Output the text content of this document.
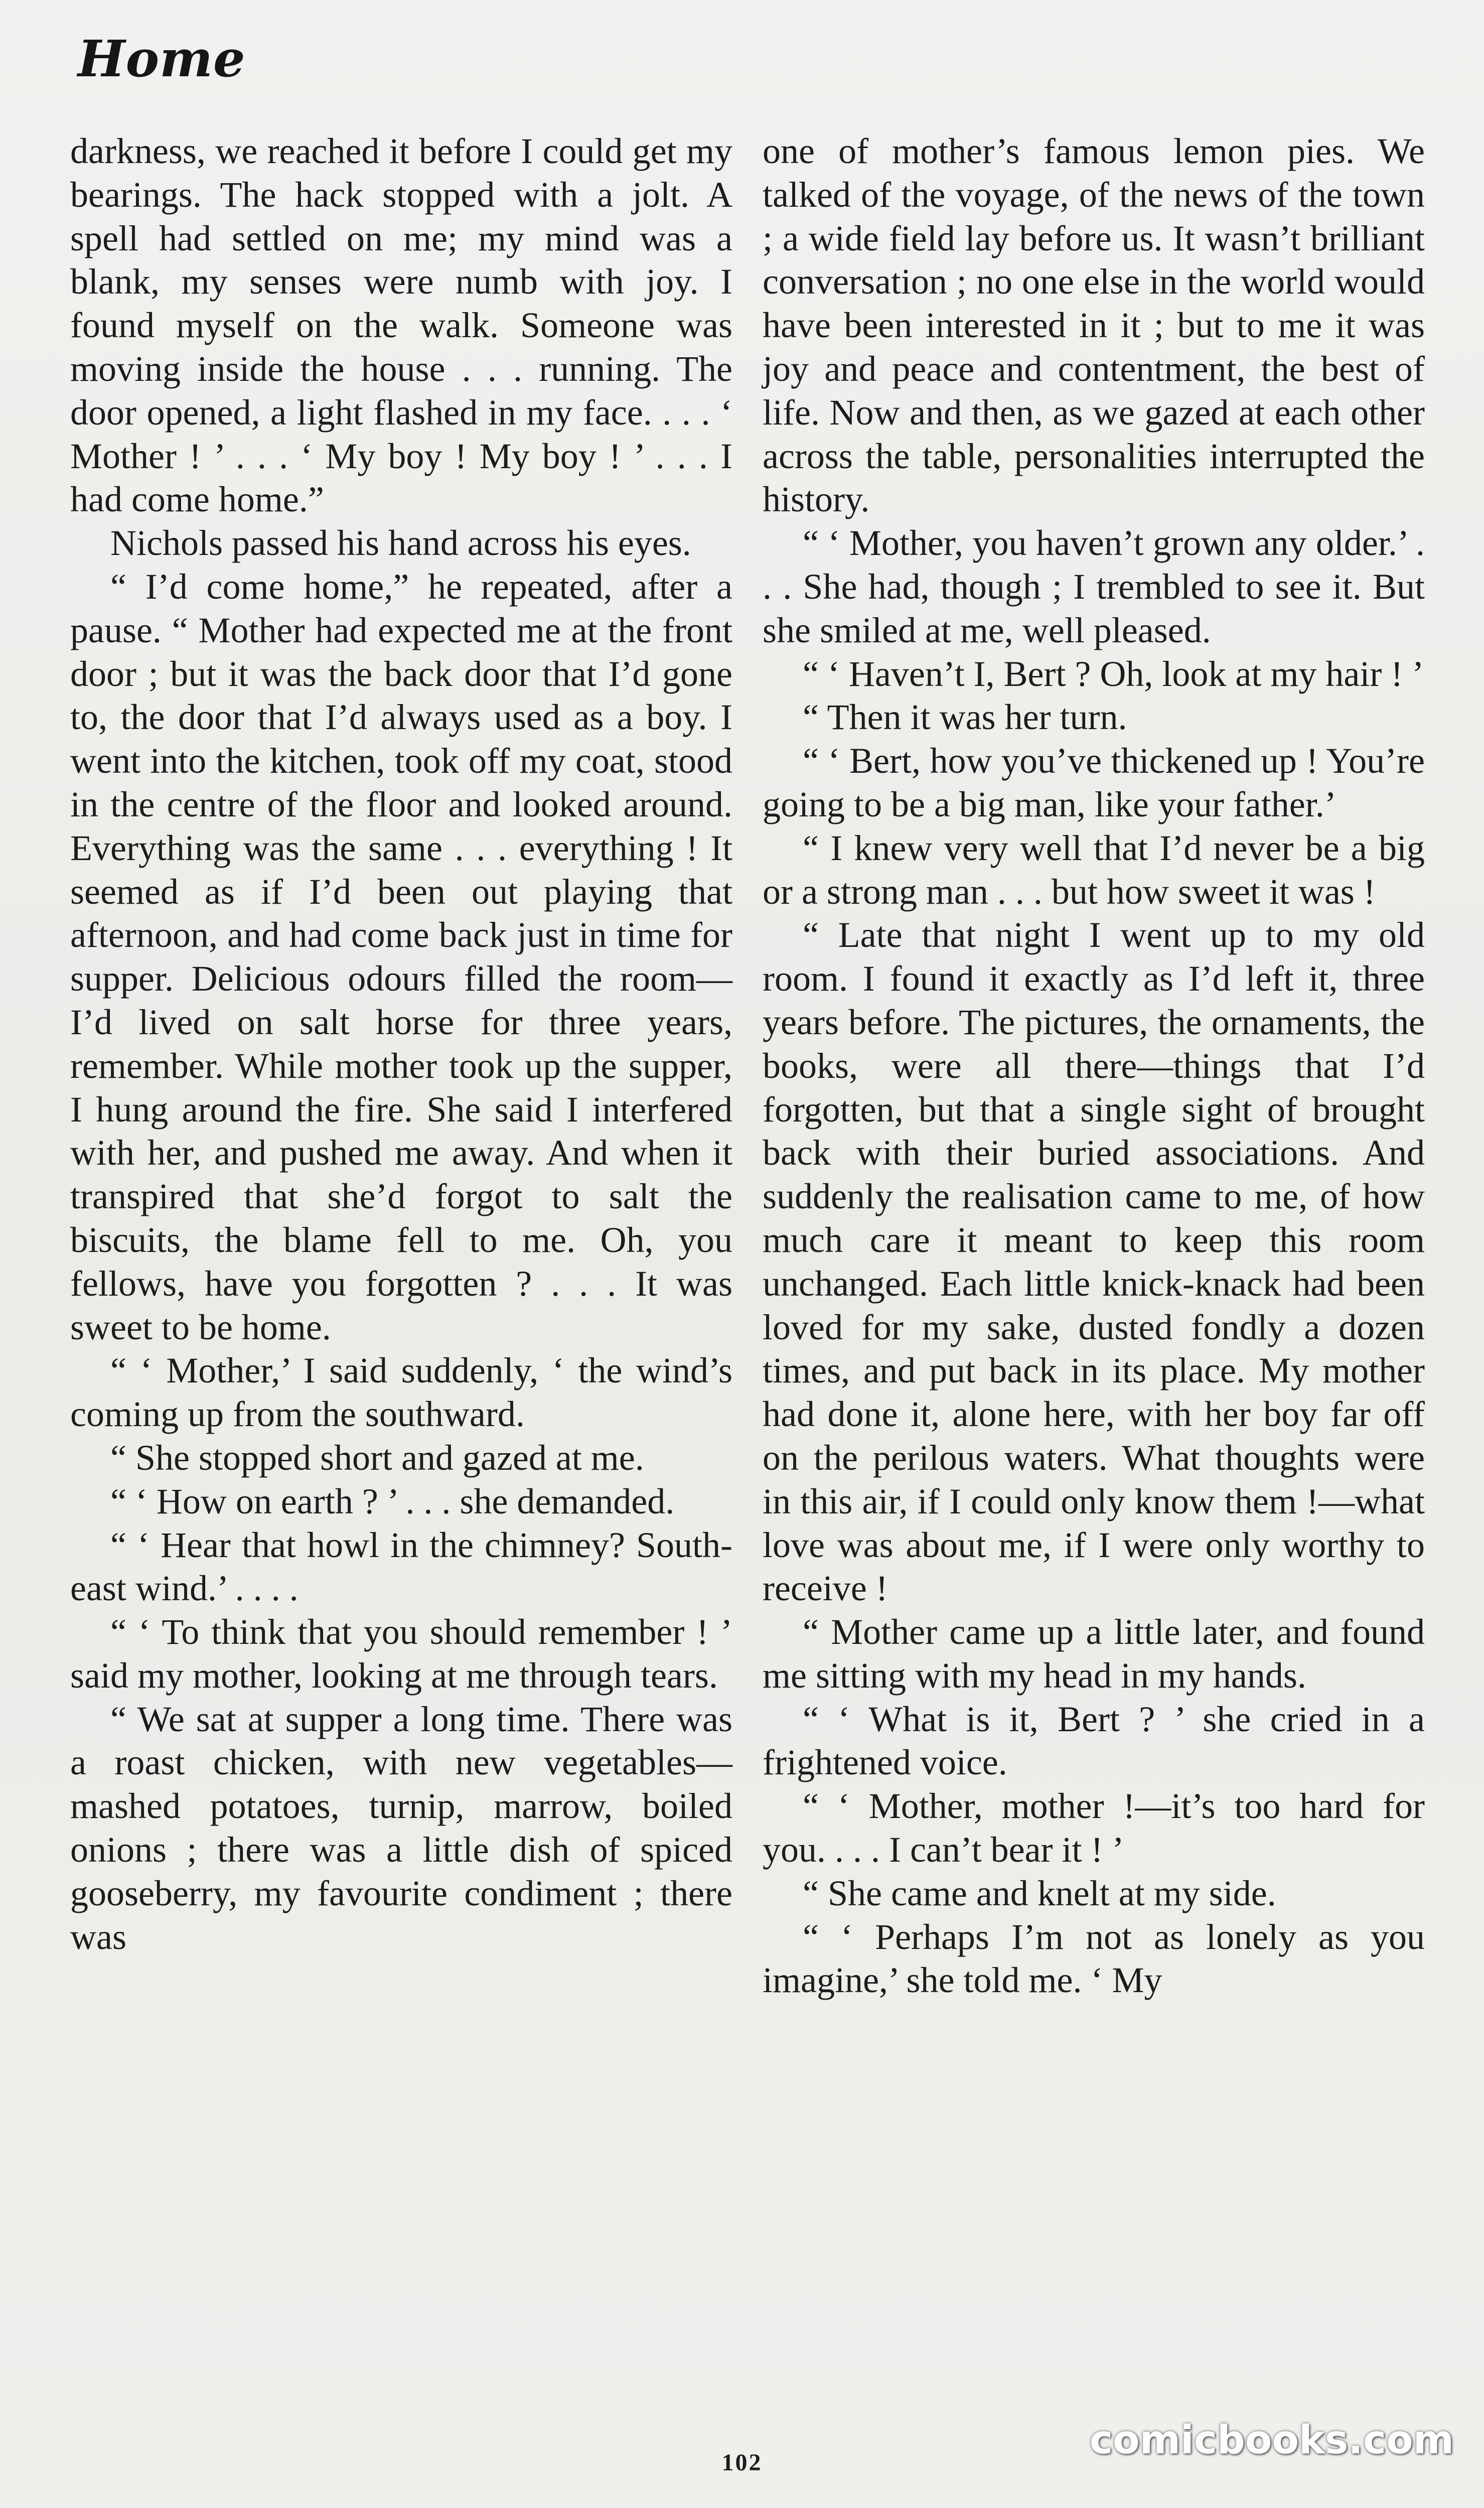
Home

darkness, we reached it before I could get my bearings. The hack stopped with a jolt. A spell had settled on me; my mind was a blank, my senses were numb with joy. I found myself on the walk. Someone was moving inside the house . . . running. The door opened, a light flashed in my face. . . . ‘ Mother ! ’ . . . ‘ My boy ! My boy ! ’ . . . I had come home.”

Nichols passed his hand across his eyes.

“ I’d come home,” he repeated, after a pause. “ Mother had expected me at the front door ; but it was the back door that I’d gone to, the door that I’d always used as a boy. I went into the kitchen, took off my coat, stood in the centre of the floor and looked around. Everything was the same . . . everything ! It seemed as if I’d been out playing that afternoon, and had come back just in time for supper. Delicious odours filled the room— I’d lived on salt horse for three years, remember. While mother took up the supper, I hung around the fire. She said I interfered with her, and pushed me away. And when it transpired that she’d forgot to salt the biscuits, the blame fell to me. Oh, you fellows, have you forgotten ? . . . It was sweet to be home.

“ ‘ Mother,’ I said suddenly, ‘ the wind’s coming up from the southward.

“ She stopped short and gazed at me.

“ ‘ How on earth ? ’ . . . she demanded.

“ ‘ Hear that howl in the chimney? South-east wind.’ . . . .

“ ‘ To think that you should remember ! ’ said my mother, looking at me through tears.

“ We sat at supper a long time. There was a roast chicken, with new vegetables—mashed potatoes, turnip, marrow, boiled onions ; there was a little dish of spiced gooseberry, my favourite condiment ; there was

one of mother’s famous lemon pies. We talked of the voyage, of the news of the town ; a wide field lay before us. It wasn’t brilliant conversation ; no one else in the world would have been interested in it ; but to me it was joy and peace and contentment, the best of life. Now and then, as we gazed at each other across the table, personalities interrupted the history.

“ ‘ Mother, you haven’t grown any older.’ . . . She had, though ; I trembled to see it. But she smiled at me, well pleased.

“ ‘ Haven’t I, Bert ? Oh, look at my hair ! ’

“ Then it was her turn.

“ ‘ Bert, how you’ve thickened up ! You’re going to be a big man, like your father.’

“ I knew very well that I’d never be a big or a strong man . . . but how sweet it was !

“ Late that night I went up to my old room. I found it exactly as I’d left it, three years before. The pictures, the ornaments, the books, were all there—things that I’d forgotten, but that a single sight of brought back with their buried associations. And suddenly the realisation came to me, of how much care it meant to keep this room unchanged. Each little knick-knack had been loved for my sake, dusted fondly a dozen times, and put back in its place. My mother had done it, alone here, with her boy far off on the perilous waters. What thoughts were in this air, if I could only know them !—what love was about me, if I were only worthy to receive !

“ Mother came up a little later, and found me sitting with my head in my hands.

“ ‘ What is it, Bert ? ’ she cried in a frightened voice.

“ ‘ Mother, mother !—it’s too hard for you. . . . I can’t bear it ! ’

“ She came and knelt at my side.

“ ‘ Perhaps I’m not as lonely as you imagine,’ she told me. ‘ My

102	comicbooks.com
